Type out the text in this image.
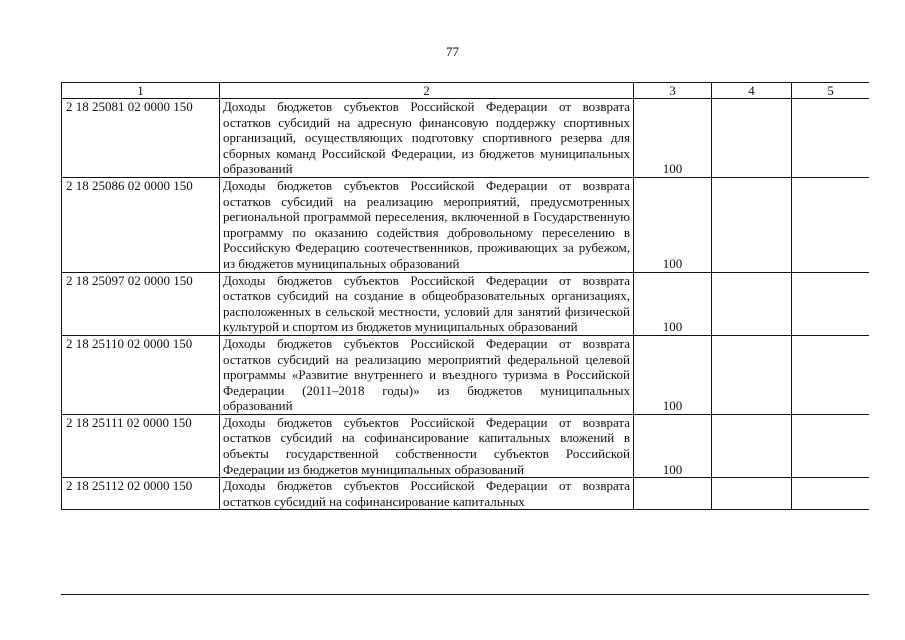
77
1	2	3	4	5
2 18 25081 02 0000 150	Доходы бюджетов субъектов Российской Федерации от возврата остатков субсидий на адресную финансовую поддержку спортивных организаций, осуществляющих подготовку спортивного резерва для сборных команд Российской Федерации, из бюджетов муниципальных образований	100		
2 18 25086 02 0000 150	Доходы бюджетов субъектов Российской Федерации от возврата остатков субсидий на реализацию мероприятий, предусмотренных региональной программой переселения, включенной в Государственную программу по оказанию содействия добровольному переселению в Российскую Федерацию соотечественников, проживающих за рубежом, из бюджетов муниципальных образований	100		
2 18 25097 02 0000 150	Доходы бюджетов субъектов Российской Федерации от возврата остатков субсидий на создание в общеобразовательных организациях, расположенных в сельской местности, условий для занятий физической культурой и спортом из бюджетов муниципальных образований	100		
2 18 25110 02 0000 150	Доходы бюджетов субъектов Российской Федерации от возврата остатков субсидий на реализацию мероприятий федеральной целевой программы «Развитие внутреннего и въездного туризма в Российской Федерации (2011–2018 годы)» из бюджетов муниципальных образований	100		
2 18 25111 02 0000 150	Доходы бюджетов субъектов Российской Федерации от возврата остатков субсидий на софинансирование капитальных вложений в объекты государственной собственности субъектов Российской Федерации из бюджетов муниципальных образований	100		
2 18 25112 02 0000 150	Доходы бюджетов субъектов Российской Федерации от возврата остатков субсидий на софинансирование капитальных			
